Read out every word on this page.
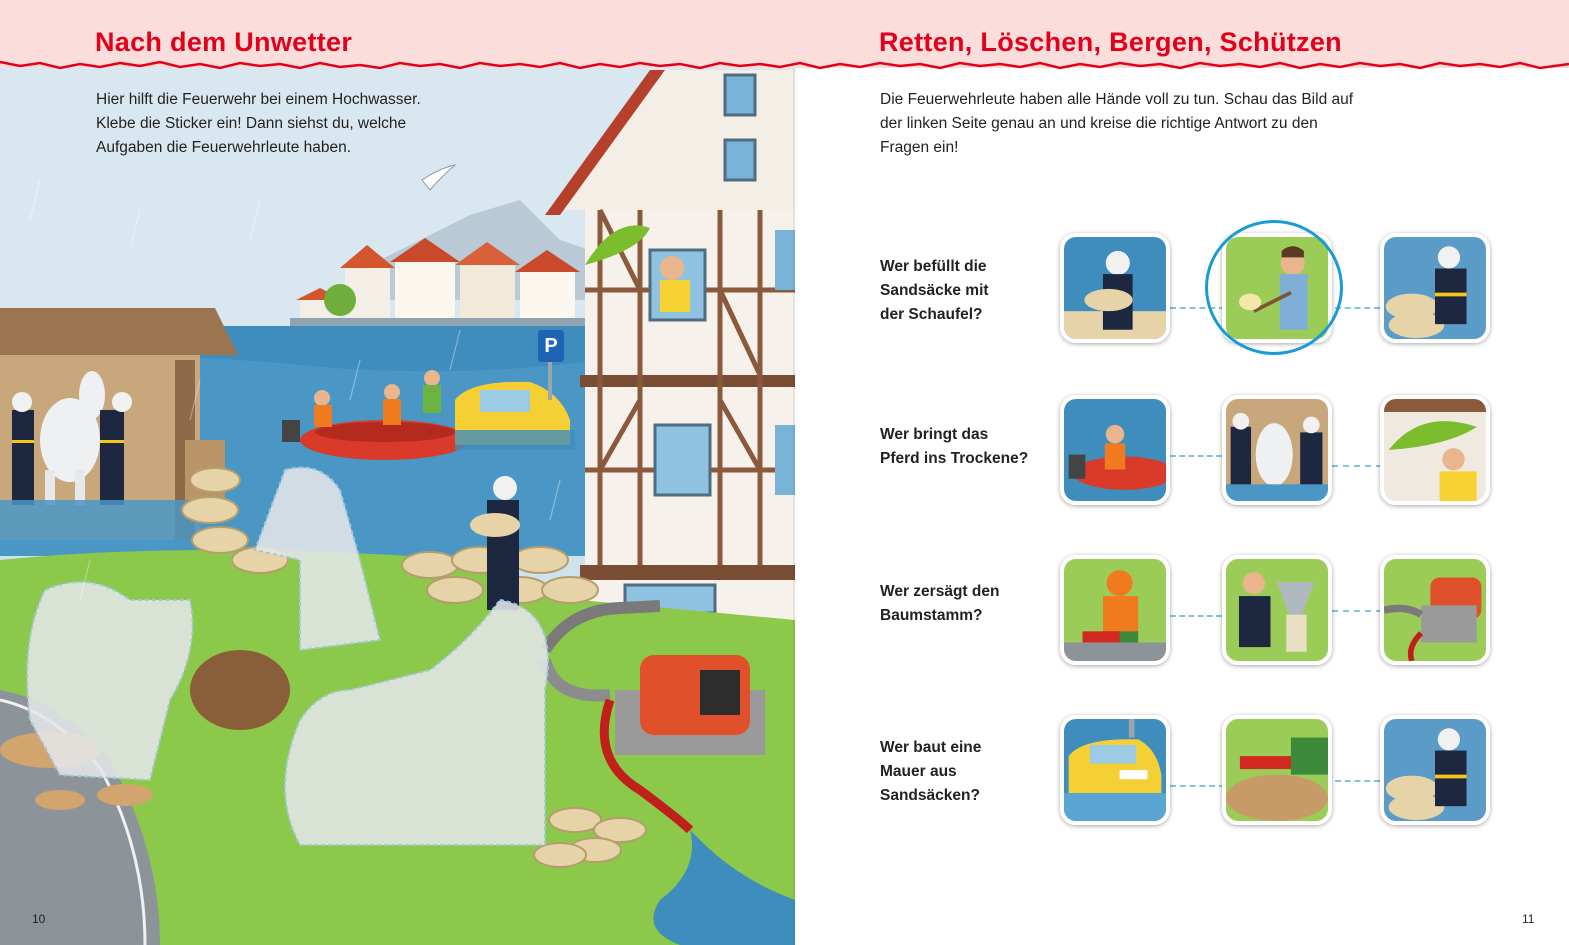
P
Nach dem Unwetter	Retten, Löschen, Bergen, Schützen
Hier hilft die Feuerwehr bei einem Hochwasser.
Klebe die Sticker ein! Dann siehst du, welche
Aufgaben die Feuerwehrleute haben.
Die Feuerwehrleute haben alle Hände voll zu tun. Schau das Bild auf
der linken Seite genau an und kreise die richtige Antwort zu den
Fragen ein!
Wer befüllt die
Sandsäcke mit
der Schaufel?
Wer bringt das
Pferd ins Trockene?
Wer zersägt den
Baumstamm?
Wer baut eine
Mauer aus
Sandsäcken?
10	11
